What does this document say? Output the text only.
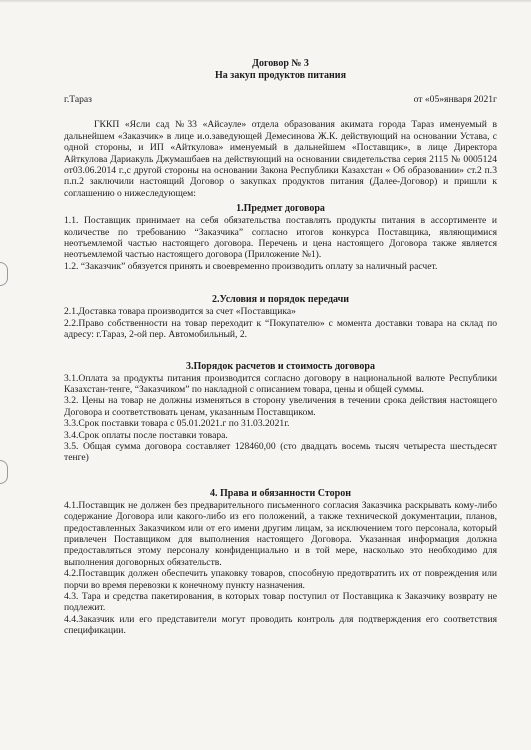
Договор № 3
На закуп продуктов питания
г.Тараз	от «05»января 2021г

ГККП «Ясли сад №33 «Айсәуле» отдела образования акимата города Тараз именуемый в дальнейшем «Заказчик» в лице и.о.заведующей Демесинова Ж.К. действующий на основании Устава, с одной стороны, и ИП «Айткулова» именуемый в дальнейшем «Поставщик», в лице Директора Айткулова Дариакуль Джумашбаев на действующий на основании свидетельства серия 2115 № 0005124 от03.06.2014 г.,с другой стороны на основании Закона Республики Казахстан « Об образовании» ст.2 п.3 п.п.2 заключили настоящий Договор о закупках продуктов питания (Далее-Договор) и пришли к соглашению о нижеследующем:

1.Предмет договора

1.1. Поставщик принимает на себя обязательства поставлять продукты питания в ассортименте и количестве по требованию “Заказчика” согласно итогов конкурса Поставщика, являющимися неотъемлемой частью настоящего договора. Перечень и цена настоящего Договора также является неотъемлемой частью настоящего договора (Приложение №1).

1.2. “Заказчик” обязуется принять и своевременно производить оплату за наличный расчет.

2.Условия и порядок передачи

2.1.Доставка товара производится за счет «Поставщика»

2.2.Право собственности на товар переходит к “Покупателю» с момента доставки товара на склад по адресу: г.Тараз, 2-ой пер. Автомобильный, 2.

3.Порядок расчетов и стоимость договора

3.1.Оплата за продукты питания производится согласно договору в национальной валюте Республики Казахстан-тенге, “Заказчиком” по накладной с описанием товара, цены и общей суммы.

3.2. Цены на товар не должны изменяться в сторону увеличения в течении срока действия настоящего Договора и соответствовать ценам, указанным Поставщиком.

3.3.Срок поставки товара с 05.01.2021.г по 31.03.2021г.

3.4.Срок оплаты после поставки товара.

3.5. Общая сумма договора составляет 128460,00 (сто двадцать восемь тысяч четыреста шестьдесят тенге)

4. Права и обязанности Сторон

4.1.Поставщик не должен без предварительного письменного согласия Заказчика раскрывать кому-либо содержание Договора или какого-либо из его положений, а также технической документации, планов, предоставленных Заказчиком или от его имени другим лицам, за исключением того персонала, который привлечен Поставщиком для выполнения настоящего Договора. Указанная информация должна предоставляться этому персоналу конфиденциально и в той мере, насколько это необходимо для выполнения договорных обязательств.

4.2.Поставщик должен обеспечить упаковку товаров, способную предотвратить их от повреждения или порчи во время перевозки к конечному пункту назначения.

4.3. Тара и средства пакетирования, в которых товар поступил от Поставщика к Заказчику возврату не подлежит.

4.4.Заказчик или его представители могут проводить контроль для подтверждения его соответствия спецификации.
